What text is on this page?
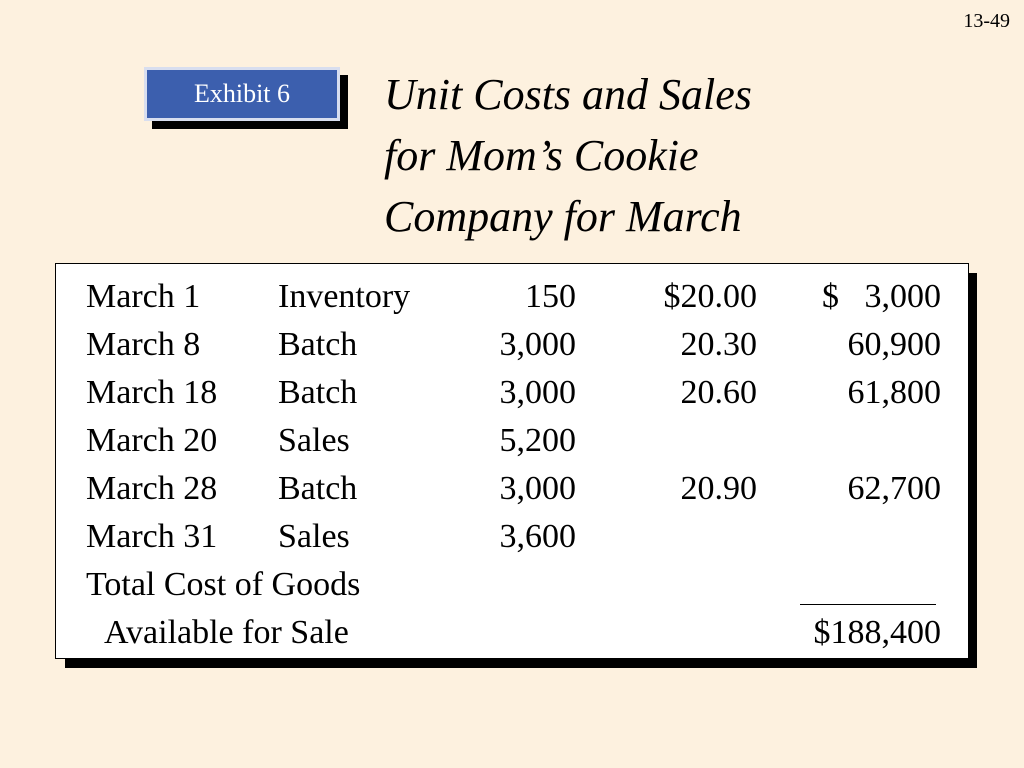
13-49
Exhibit 6 Unit Costs and Sales
for Mom’s Cookie
Company for March
March 1 Inventory	150	$20.00 $   3,000
March 8 Batch	3,000	20.30	60,900
March 18 Batch	3,000	20.60	61,800
March 20 Sales	5,200
March 28 Batch	3,000	20.90	62,700
March 31 Sales	3,600
Total Cost of Goods
Available for Sale	$188,400
